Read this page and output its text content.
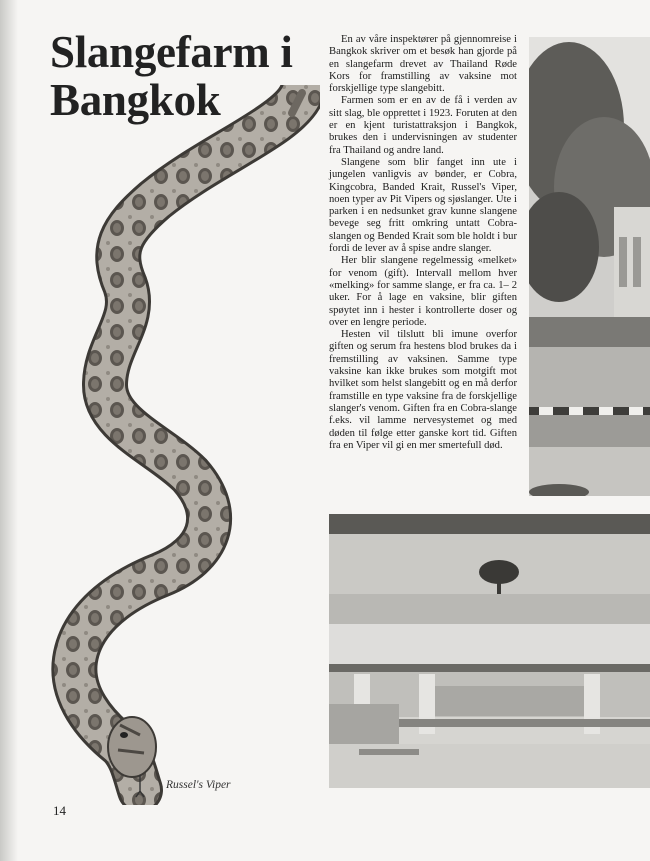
Slangefarm i
Bangkok
Russel's Viper
14

En av våre inspektører på gjennomreise i Bangkok skriver om et besøk han gjorde på en slangefarm drevet av Thailand Røde Kors for framstilling av vaksine mot forskjellige type slangebitt.

Farmen som er en av de få i verden av sitt slag, ble opprettet i 1923. Foruten at den er en kjent turistattraksjon i Bangkok, brukes den i undervisningen av studenter fra Thailand og andre land.

Slangene som blir fanget inn ute i jungelen vanligvis av bønder, er Cobra, Kingcobra, Banded Krait, Russel's Viper, noen typer av Pit Vipers og sjøslanger. Ute i parken i en nedsunket grav kunne slangene bevege seg fritt omkring untatt Cobra-slangen og Bended Krait som ble holdt i bur fordi de lever av å spise andre slanger.

Her blir slangene regelmessig «melket» for venom (gift). Intervall mellom hver «melking» for samme slange, er fra ca. 1– 2 uker. For å lage en vaksine, blir giften spøytet inn i hester i kontrollerte doser og over en lengre periode.

Hesten vil tilslutt bli imune overfor giften og serum fra hestens blod brukes da i fremstilling av vaksinen. Samme type vaksine kan ikke brukes som motgift mot hvilket som helst slangebitt og en må derfor framstille en type vaksine fra de forskjellige slanger's venom. Giften fra en Cobra-slange f.eks. vil lamme nervesystemet og med døden til følge etter ganske kort tid. Giften fra en Viper vil gi en mer smertefull død.
